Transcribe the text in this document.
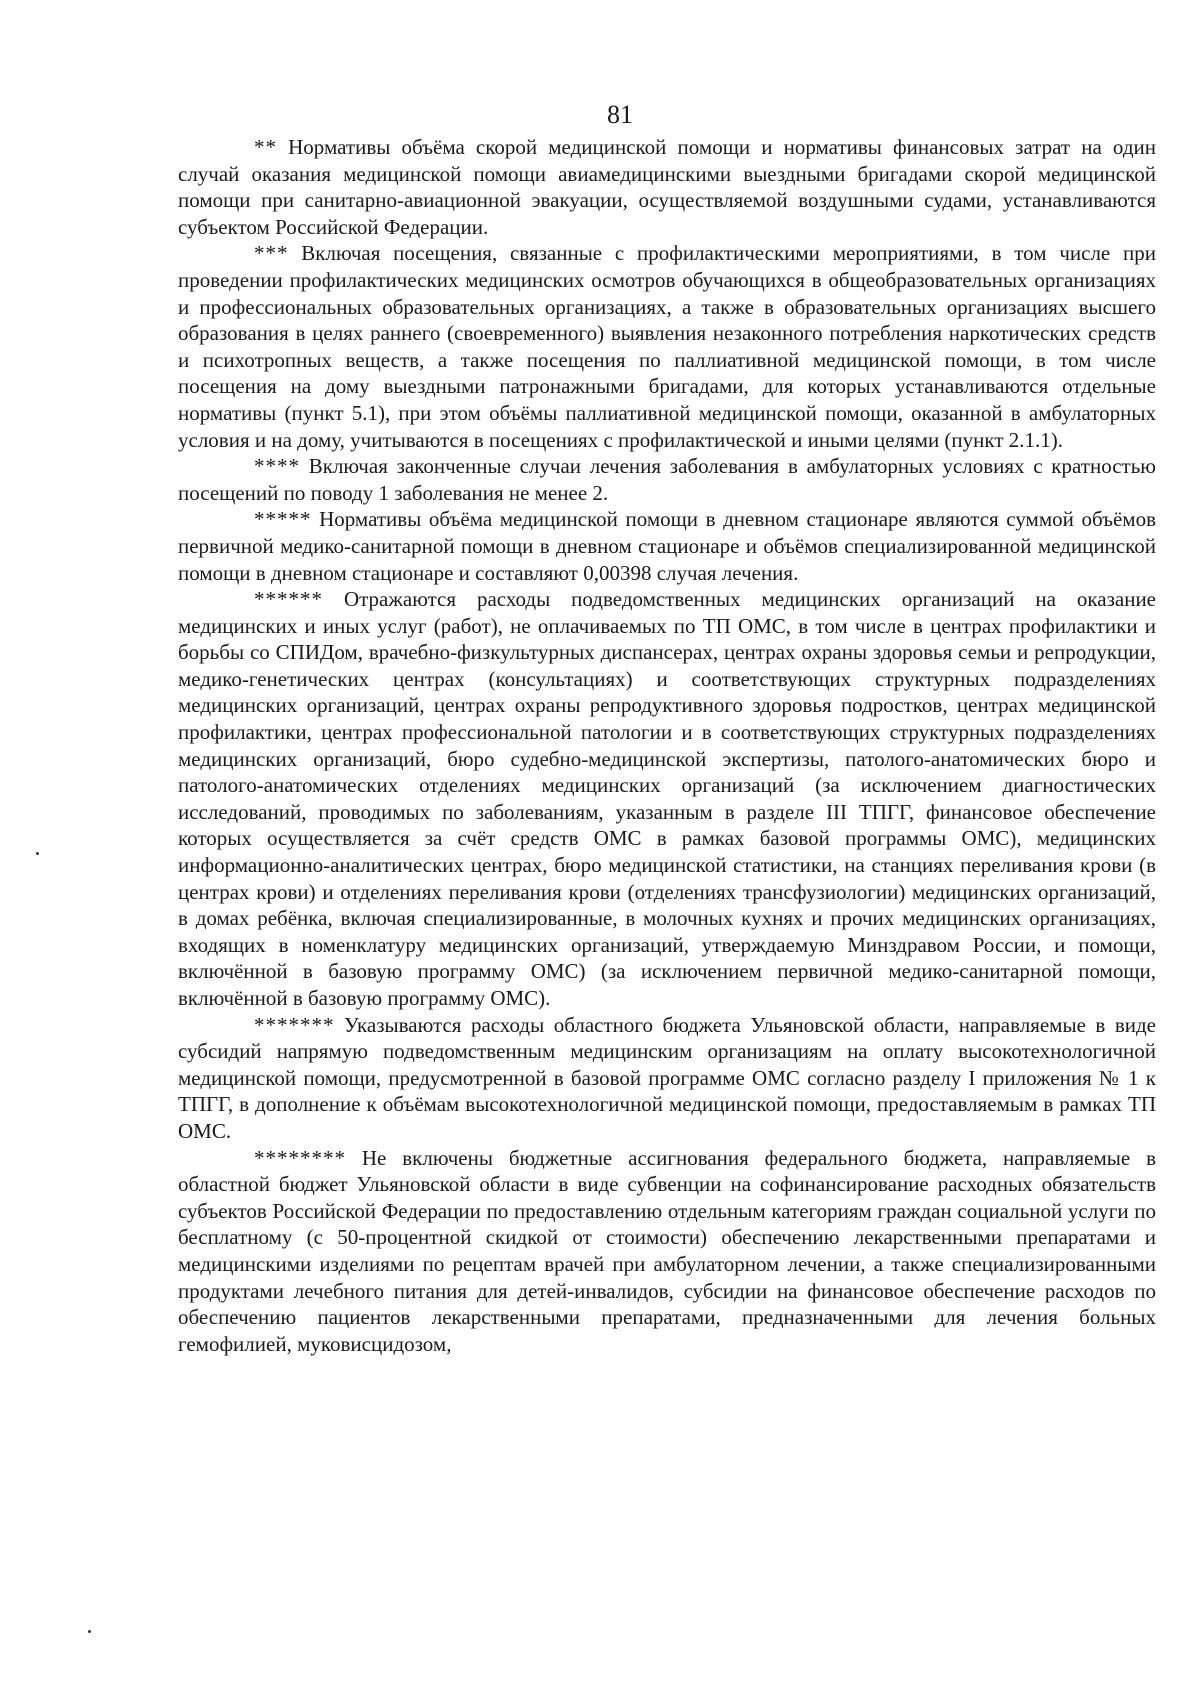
81

** Нормативы объёма скорой медицинской помощи и нормативы финансовых затрат на один случай оказания медицинской помощи авиамедицинскими выездными бригадами скорой медицинской помощи при санитарно-авиационной эвакуации, осуществляемой воздушными судами, устанавливаются субъектом Российской Федерации.

*** Включая посещения, связанные с профилактическими мероприятиями, в том числе при проведении профилактических медицинских осмотров обучающихся в общеобразовательных организациях и профессиональных образовательных организациях, а также в образовательных организациях высшего образования в целях раннего (своевременного) выявления незаконного потребления наркотических средств и психотропных веществ, а также посещения по паллиативной медицинской помощи, в том числе посещения на дому выездными патронажными бригадами, для которых устанавливаются отдельные нормативы (пункт 5.1), при этом объёмы паллиативной медицинской помощи, оказанной в амбулаторных условия и на дому, учитываются в посещениях с профилактической и иными целями (пункт 2.1.1).

**** Включая законченные случаи лечения заболевания в амбулаторных условиях с кратностью посещений по поводу 1 заболевания не менее 2.

***** Нормативы объёма медицинской помощи в дневном стационаре являются суммой объёмов первичной медико-санитарной помощи в дневном стационаре и объёмов специализированной медицинской помощи в дневном стационаре и составляют 0,00398 случая лечения.

****** Отражаются расходы подведомственных медицинских организаций на оказание медицинских и иных услуг (работ), не оплачиваемых по ТП ОМС, в том числе в центрах профилактики и борьбы со СПИДом, врачебно-физкультурных диспансерах, центрах охраны здоровья семьи и репродукции, медико-генетических центрах (консультациях) и соответствующих структурных подразделениях медицинских организаций, центрах охраны репродуктивного здоровья подростков, центрах медицинской профилактики, центрах профессиональной патологии и в соответствующих структурных подразделениях медицинских организаций, бюро судебно-медицинской экспертизы, патолого-анатомических бюро и патолого-анатомических отделениях медицинских организаций (за исключением диагностических исследований, проводимых по заболеваниям, указанным в разделе III ТПГГ, финансовое обеспечение которых осуществляется за счёт средств ОМС в рамках базовой программы ОМС), медицинских информационно-аналитических центрах, бюро медицинской статистики, на станциях переливания крови (в центрах крови) и отделениях переливания крови (отделениях трансфузиологии) медицинских организаций, в домах ребёнка, включая специализированные, в молочных кухнях и прочих медицинских организациях, входящих в номенклатуру медицинских организаций, утверждаемую Минздравом России, и помощи, включённой в базовую программу ОМС) (за исключением первичной медико-санитарной помощи, включённой в базовую программу ОМС).

******* Указываются расходы областного бюджета Ульяновской области, направляемые в виде субсидий напрямую подведомственным медицинским организациям на оплату высокотехнологичной медицинской помощи, предусмотренной в базовой программе ОМС согласно разделу I приложения № 1 к ТПГГ, в дополнение к объёмам высокотехнологичной медицинской помощи, предоставляемым в рамках ТП ОМС.

******** Не включены бюджетные ассигнования федерального бюджета, направляемые в областной бюджет Ульяновской области в виде субвенции на софинансирование расходных обязательств субъектов Российской Федерации по предоставлению отдельным категориям граждан социальной услуги по бесплатному (с 50-процентной скидкой от стоимости) обеспечению лекарственными препаратами и медицинскими изделиями по рецептам врачей при амбулаторном лечении, а также специализированными продуктами лечебного питания для детей-инвалидов, субсидии на финансовое обеспечение расходов по обеспечению пациентов лекарственными препаратами, предназначенными для лечения больных гемофилией, муковисцидозом,
